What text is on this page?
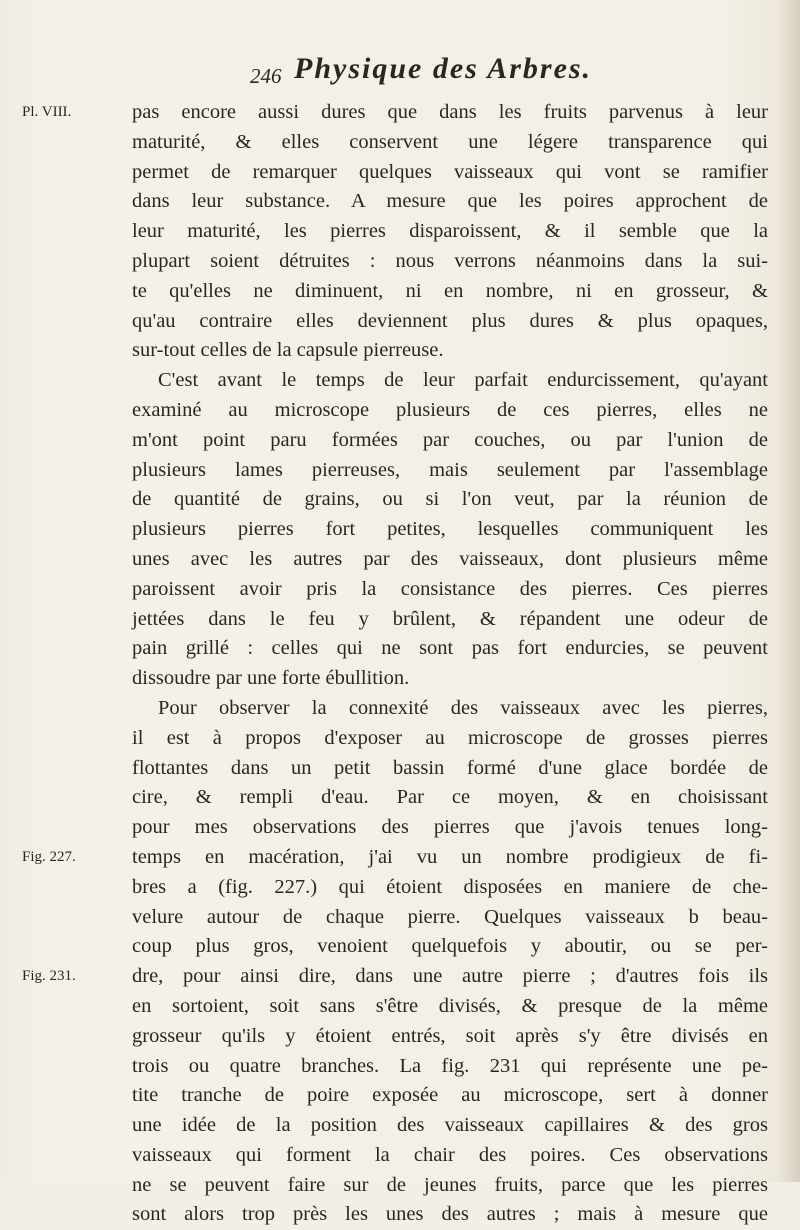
246 Physique des Arbres.
Pl. VIII.
Fig. 227.
Fig. 231.
pas encore aussi dures que dans les fruits parvenus à leur
maturité, & elles conservent une légere transparence qui
permet de remarquer quelques vaisseaux qui vont se ramifier
dans leur substance. A mesure que les poires approchent de
leur maturité, les pierres disparoissent, & il semble que la
plupart soient détruites : nous verrons néanmoins dans la sui-
te qu'elles ne diminuent, ni en nombre, ni en grosseur, &
qu'au contraire elles deviennent plus dures & plus opaques,
sur-tout celles de la capsule pierreuse.
C'est avant le temps de leur parfait endurcissement, qu'ayant
examiné au microscope plusieurs de ces pierres, elles ne
m'ont point paru formées par couches, ou par l'union de
plusieurs lames pierreuses, mais seulement par l'assemblage
de quantité de grains, ou si l'on veut, par la réunion de
plusieurs pierres fort petites, lesquelles communiquent les
unes avec les autres par des vaisseaux, dont plusieurs même
paroissent avoir pris la consistance des pierres. Ces pierres
jettées dans le feu y brûlent, & répandent une odeur de
pain grillé : celles qui ne sont pas fort endurcies, se peuvent
dissoudre par une forte ébullition.
Pour observer la connexité des vaisseaux avec les pierres,
il est à propos d'exposer au microscope de grosses pierres
flottantes dans un petit bassin formé d'une glace bordée de
cire, & rempli d'eau. Par ce moyen, & en choisissant
pour mes observations des pierres que j'avois tenues long-
temps en macération, j'ai vu un nombre prodigieux de fi-
bres a (fig. 227.) qui étoient disposées en maniere de che-
velure autour de chaque pierre. Quelques vaisseaux b beau-
coup plus gros, venoient quelquefois y aboutir, ou se per-
dre, pour ainsi dire, dans une autre pierre ; d'autres fois ils
en sortoient, soit sans s'être divisés, & presque de la même
grosseur qu'ils y étoient entrés, soit après s'y être divisés en
trois ou quatre branches. La fig. 231 qui représente une pe-
tite tranche de poire exposée au microscope, sert à donner
une idée de la position des vaisseaux capillaires & des gros
vaisseaux qui forment la chair des poires. Ces observations
ne se peuvent faire sur de jeunes fruits, parce que les pierres
sont alors trop près les unes des autres ; mais à mesure que
